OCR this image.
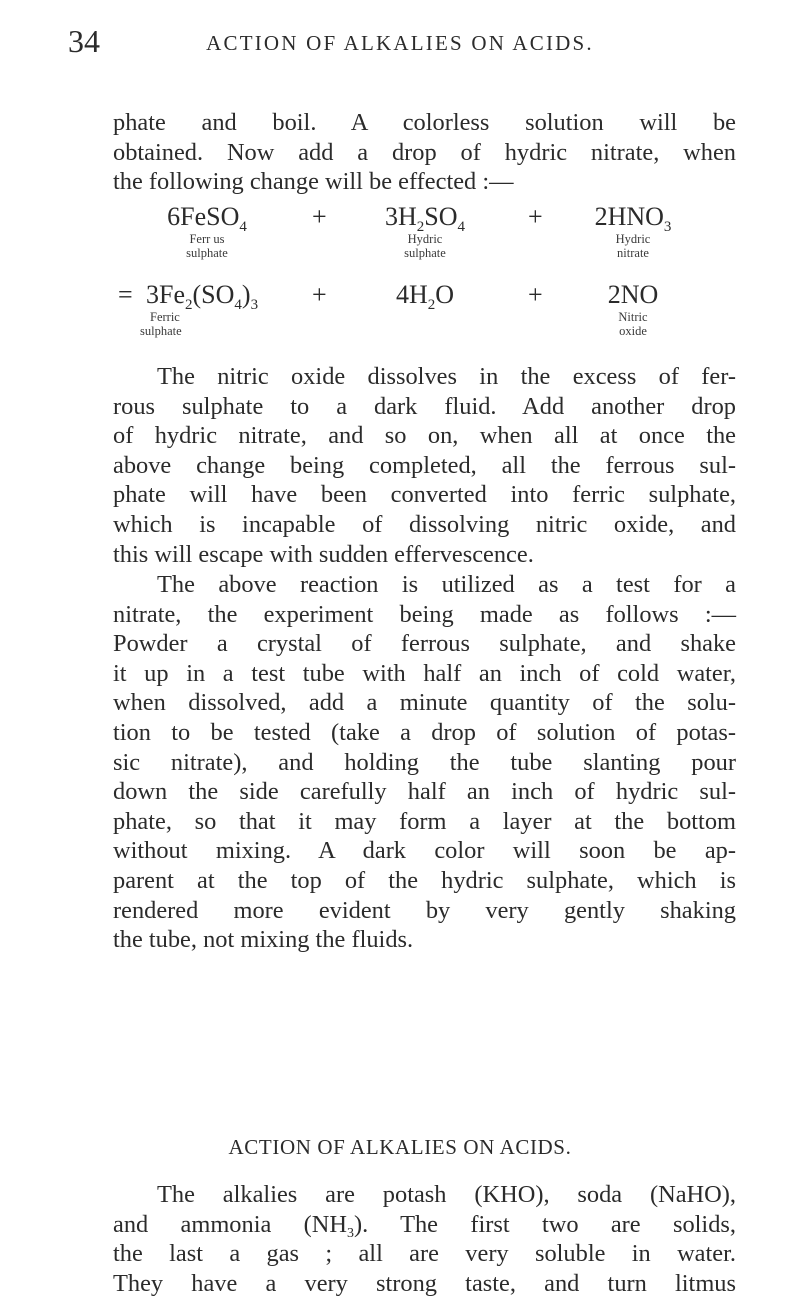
34	ACTION OF ALKALIES ON ACIDS.
phate and boil. A colorless solution will be
obtained. Now add a drop of hydric nitrate, when
the following change will be effected :—
6FeSO$_4$
Ferr us
sulphate
+	$3H_2SO_4$
Hydric
sulphate
+	$2HNO_3$
Hydric
nitrate
= $3Fe_2(SO_4)_3$
Ferric
sulphate
+	$4H_2O$	+	2NO
Nitric
oxide
The nitric oxide dissolves in the excess of fer-
rous sulphate to a dark fluid. Add another drop
of hydric nitrate, and so on, when all at once the
above change being completed, all the ferrous sul-
phate will have been converted into ferric sulphate,
which is incapable of dissolving nitric oxide, and
this will escape with sudden effervescence.
The above reaction is utilized as a test for a
nitrate, the experiment being made as follows :—
Powder a crystal of ferrous sulphate, and shake
it up in a test tube with half an inch of cold water,
when dissolved, add a minute quantity of the solu-
tion to be tested (take a drop of solution of potas-
sic nitrate), and holding the tube slanting pour
down the side carefully half an inch of hydric sul-
phate, so that it may form a layer at the bottom
without mixing. A dark color will soon be ap-
parent at the top of the hydric sulphate, which is
rendered more evident by very gently shaking
the tube, not mixing the fluids.
ACTION OF ALKALIES ON ACIDS.
The alkalies are potash (KHO), soda (NaHO),
and ammonia $(NH_3)$. The first two are solids,
the last a gas ; all are very soluble in water.
They have a very strong taste, and turn litmus
